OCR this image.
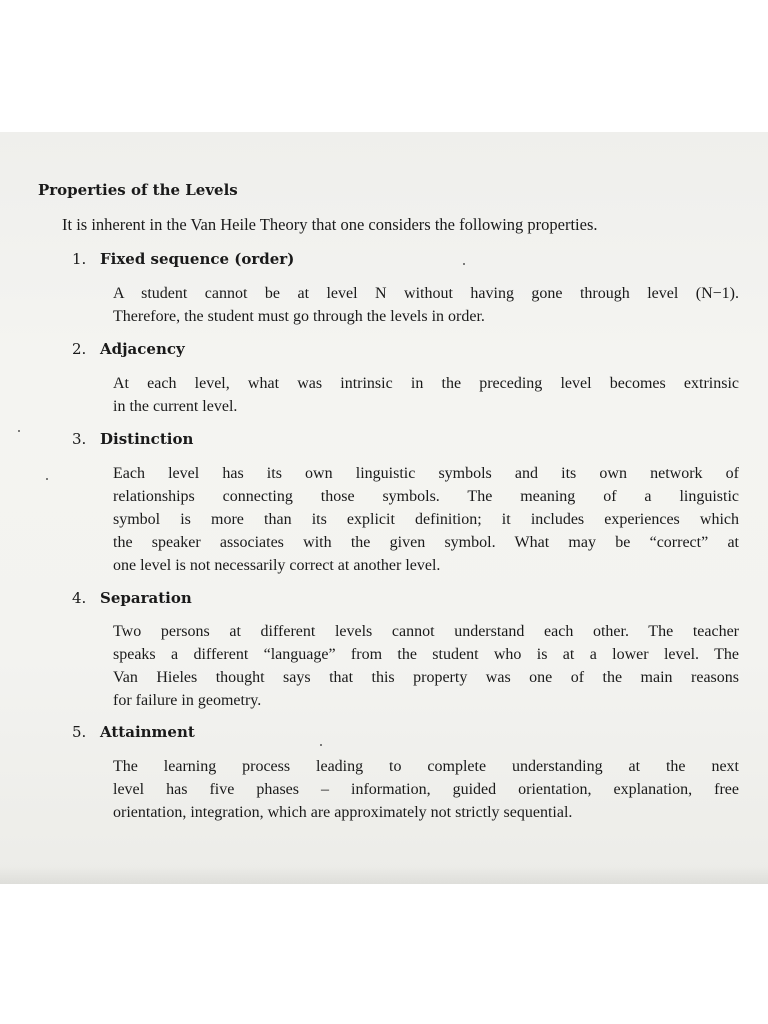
Properties of the Levels
It is inherent in the Van Heile Theory that one considers the following properties.
1. Fixed sequence (order)
A student cannot be at level N without having gone through level (N−1).
Therefore, the student must go through the levels in order.
2. Adjacency
At each level, what was intrinsic in the preceding level becomes extrinsic
in the current level.
3. Distinction
Each level has its own linguistic symbols and its own network of
relationships connecting those symbols. The meaning of a linguistic
symbol is more than its explicit definition; it includes experiences which
the speaker associates with the given symbol. What may be “correct” at
one level is not necessarily correct at another level.
4. Separation
Two persons at different levels cannot understand each other. The teacher
speaks a different “language” from the student who is at a lower level. The
Van Hieles thought says that this property was one of the main reasons
for failure in geometry.
5. Attainment
The learning process leading to complete understanding at the next
level has five phases – information, guided orientation, explanation, free
orientation, integration, which are approximately not strictly sequential.
